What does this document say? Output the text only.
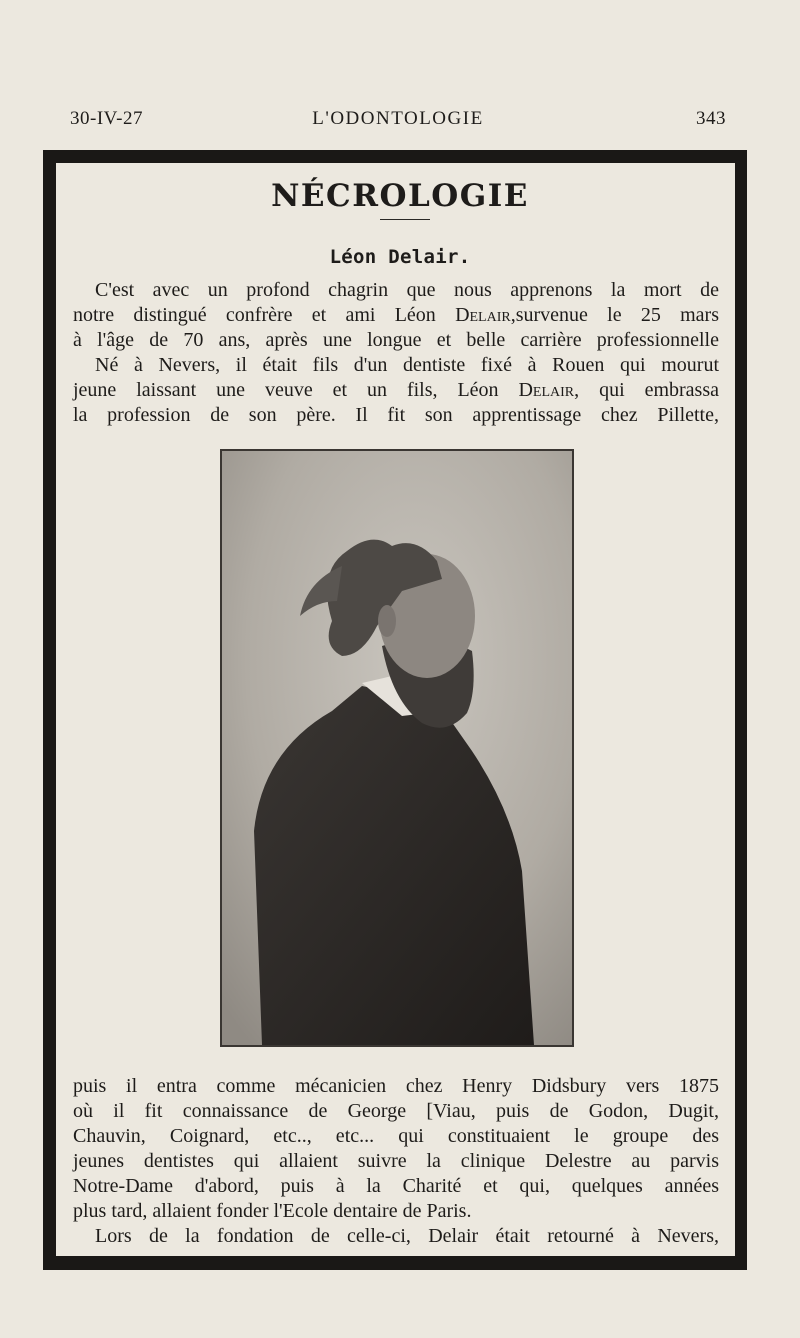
30-IV-27	L'ODONTOLOGIE	343
NÉCROLOGIE
Léon Delair.
C'est avec un profond chagrin que nous apprenons la mort de
notre distingué confrère et ami Léon Delair,survenue le 25 mars
à l'âge de 70 ans, après une longue et belle carrière professionnelle
Né à Nevers, il était fils d'un dentiste fixé à Rouen qui mourut
jeune laissant une veuve et un fils, Léon Delair, qui embrassa
la profession de son père. Il fit son apprentissage chez Pillette,
puis il entra comme mécanicien chez Henry Didsbury vers 1875
où il fit connaissance de George [Viau, puis de Godon, Dugit,
Chauvin, Coignard, etc.., etc... qui constituaient le groupe des
jeunes dentistes qui allaient suivre la clinique Delestre au parvis
Notre-Dame d'abord, puis à la Charité et qui, quelques années
plus tard, allaient fonder l'Ecole dentaire de Paris.
Lors de la fondation de celle-ci, Delair était retourné à Nevers,
